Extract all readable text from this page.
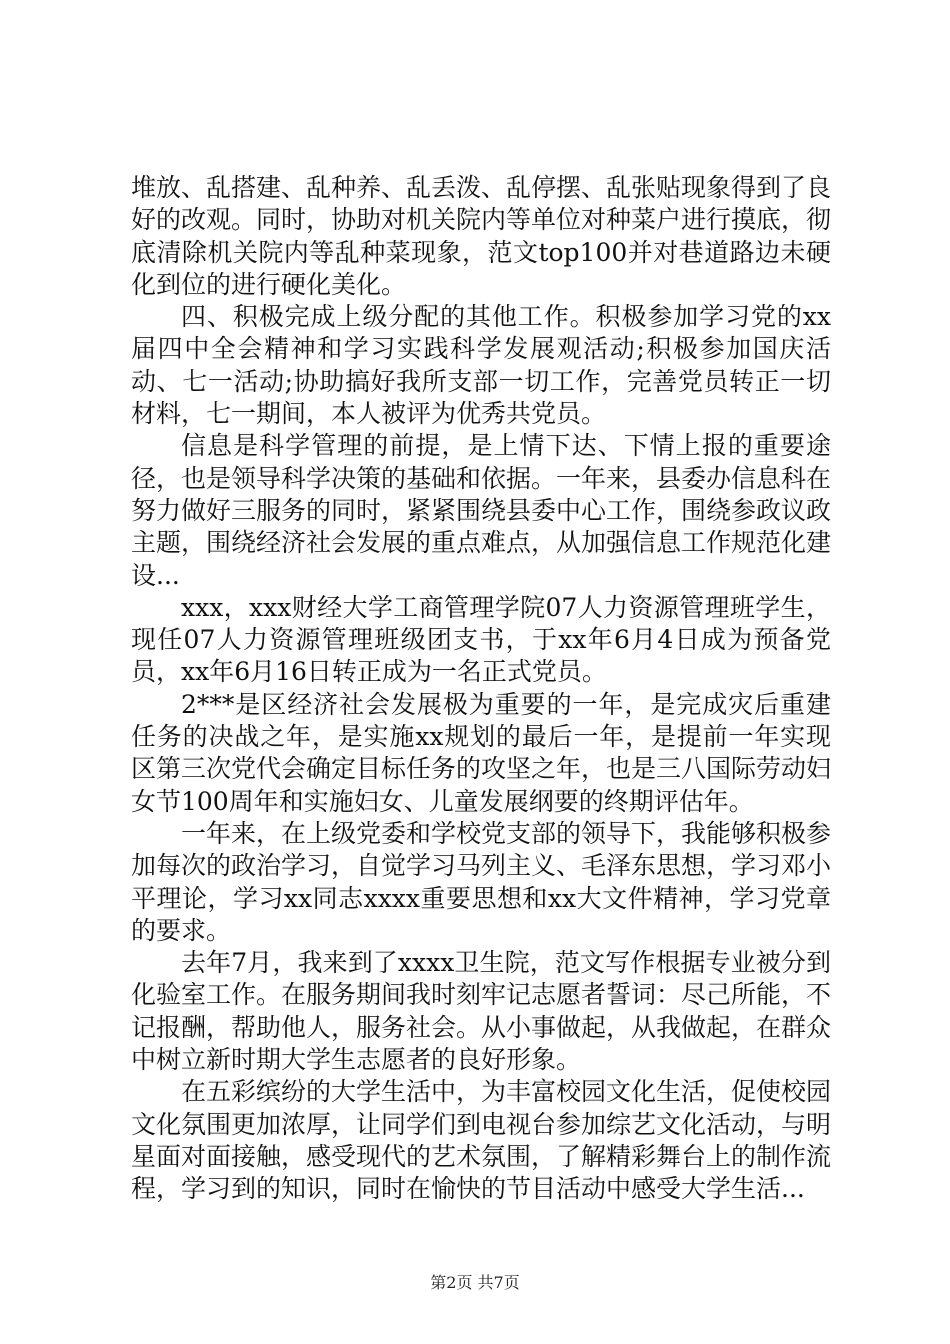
堆放、乱搭建、乱种养、乱丢泼、乱停摆、乱张贴现象得到了良好的改观。同时，协助对机关院内等单位对种菜户进行摸底，彻底清除机关院内等乱种菜现象，范文top100并对巷道路边未硬化到位的进行硬化美化。

四、积极完成上级分配的其他工作。积极参加学习党的xx届四中全会精神和学习实践科学发展观活动;积极参加国庆活动、七一活动;协助搞好我所支部一切工作，完善党员转正一切材料，七一期间，本人被评为优秀共党员。

信息是科学管理的前提，是上情下达、下情上报的重要途径，也是领导科学决策的基础和依据。一年来，县委办信息科在努力做好三服务的同时，紧紧围绕县委中心工作，围绕参政议政主题，围绕经济社会发展的重点难点，从加强信息工作规范化建设...

xxx，xxx财经大学工商管理学院07人力资源管理班学生，现任07人力资源管理班级团支书，于xx年6月4日成为预备党员，xx年6月16日转正成为一名正式党员。

2***是区经济社会发展极为重要的一年，是完成灾后重建任务的决战之年，是实施xx规划的最后一年，是提前一年实现区第三次党代会确定目标任务的攻坚之年，也是三八国际劳动妇女节100周年和实施妇女、儿童发展纲要的终期评估年。

一年来，在上级党委和学校党支部的领导下，我能够积极参加每次的政治学习，自觉学习马列主义、毛泽东思想，学习邓小平理论，学习xx同志xxxx重要思想和xx大文件精神，学习党章的要求。

去年7月，我来到了xxxx卫生院，范文写作根据专业被分到化验室工作。在服务期间我时刻牢记志愿者誓词：尽己所能，不记报酬，帮助他人，服务社会。从小事做起，从我做起，在群众中树立新时期大学生志愿者的良好形象。

在五彩缤纷的大学生活中，为丰富校园文化生活，促使校园文化氛围更加浓厚，让同学们到电视台参加综艺文化活动，与明星面对面接触，感受现代的艺术氛围，了解精彩舞台上的制作流程，学习到的知识，同时在愉快的节目活动中感受大学生活...

第2页 共7页
